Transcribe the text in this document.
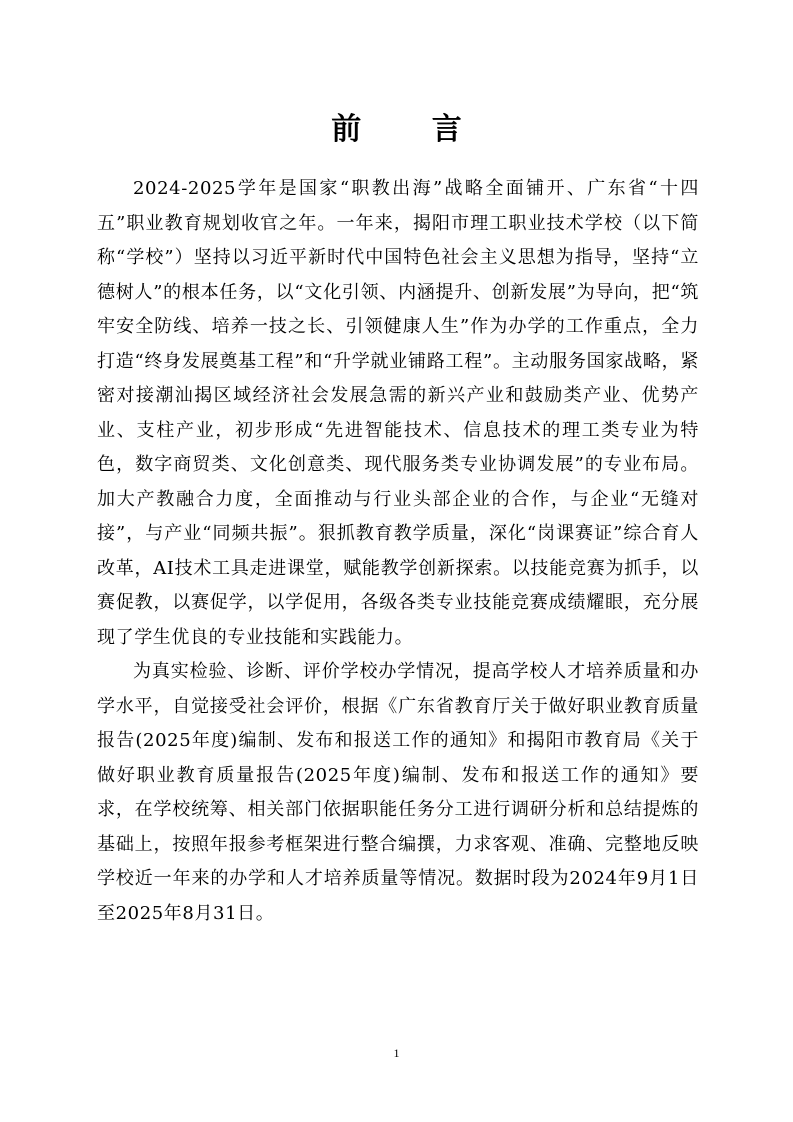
前 言

2024-2025学年是国家“职教出海”战略全面铺开、广东省“十四五”职业教育规划收官之年。一年来，揭阳市理工职业技术学校（以下简称“学校”）坚持以习近平新时代中国特色社会主义思想为指导，坚持“立德树人”的根本任务，以“文化引领、内涵提升、创新发展”为导向，把“筑牢安全防线、培养一技之长、引领健康人生”作为办学的工作重点，全力打造“终身发展奠基工程”和“升学就业铺路工程”。主动服务国家战略，紧密对接潮汕揭区域经济社会发展急需的新兴产业和鼓励类产业、优势产业、支柱产业，初步形成“先进智能技术、信息技术的理工类专业为特色，数字商贸类、文化创意类、现代服务类专业协调发展”的专业布局。加大产教融合力度，全面推动与行业头部企业的合作，与企业“无缝对接”，与产业“同频共振”。狠抓教育教学质量，深化“岗课赛证”综合育人改革，AI技术工具走进课堂，赋能教学创新探索。以技能竞赛为抓手，以赛促教，以赛促学，以学促用，各级各类专业技能竞赛成绩耀眼，充分展现了学生优良的专业技能和实践能力。

为真实检验、诊断、评价学校办学情况，提高学校人才培养质量和办学水平，自觉接受社会评价，根据《广东省教育厅关于做好职业教育质量报告(2025年度)编制、发布和报送工作的通知》和揭阳市教育局《关于做好职业教育质量报告(2025年度)编制、发布和报送工作的通知》要求，在学校统筹、相关部门依据职能任务分工进行调研分析和总结提炼的基础上，按照年报参考框架进行整合编撰，力求客观、准确、完整地反映学校近一年来的办学和人才培养质量等情况。数据时段为2024年9月1日至2025年8月31日。

1
